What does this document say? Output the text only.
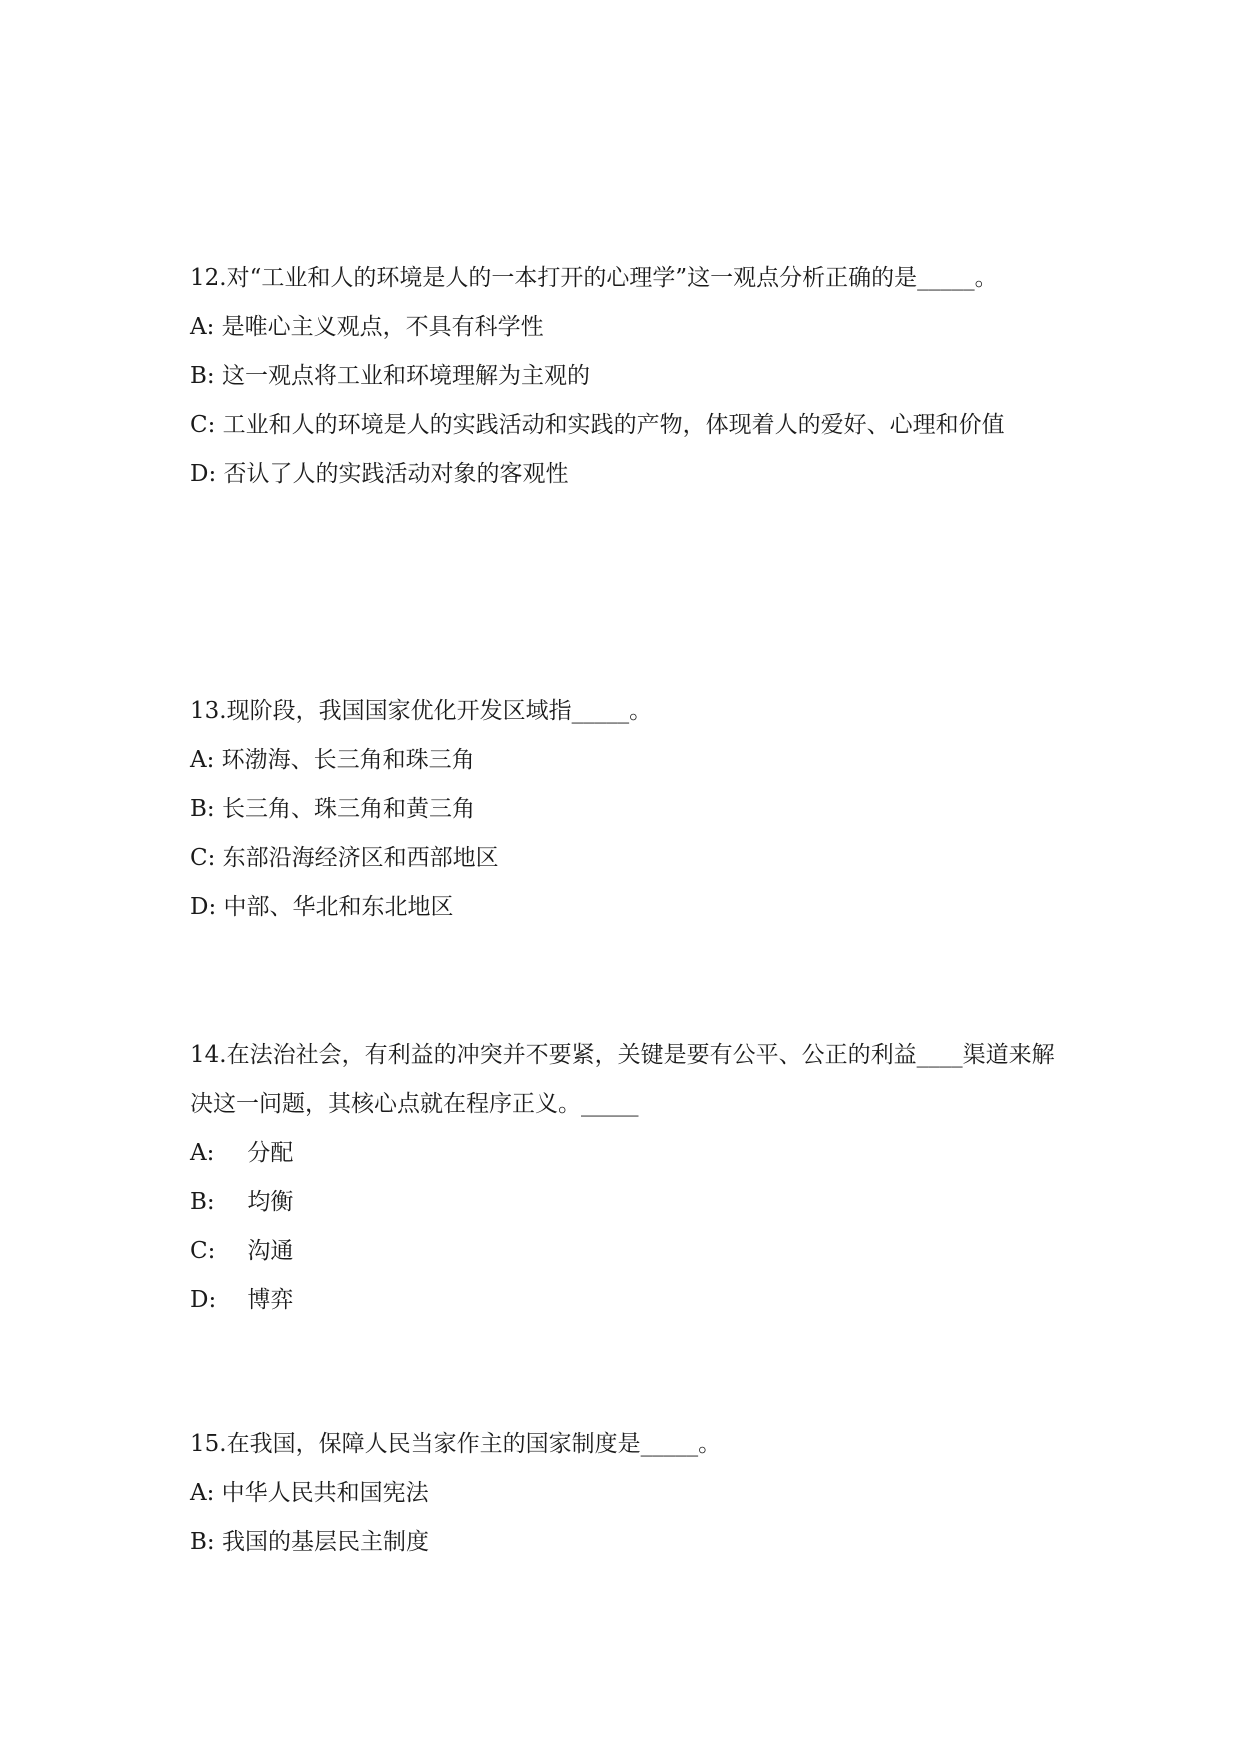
12.对“工业和人的环境是人的一本打开的心理学”这一观点分析正确的是_____。
A: 是唯心主义观点，不具有科学性
B: 这一观点将工业和环境理解为主观的
C: 工业和人的环境是人的实践活动和实践的产物，体现着人的爱好、心理和价值
D: 否认了人的实践活动对象的客观性
13.现阶段，我国国家优化开发区域指_____。
A: 环渤海、长三角和珠三角
B: 长三角、珠三角和黄三角
C: 东部沿海经济区和西部地区
D: 中部、华北和东北地区
14.在法治社会，有利益的冲突并不要紧，关键是要有公平、公正的利益____渠道来解决这一问题，其核心点就在程序正义。_____
A: 分配
B: 均衡
C: 沟通
D: 博弈
15.在我国，保障人民当家作主的国家制度是_____。
A: 中华人民共和国宪法
B: 我国的基层民主制度
